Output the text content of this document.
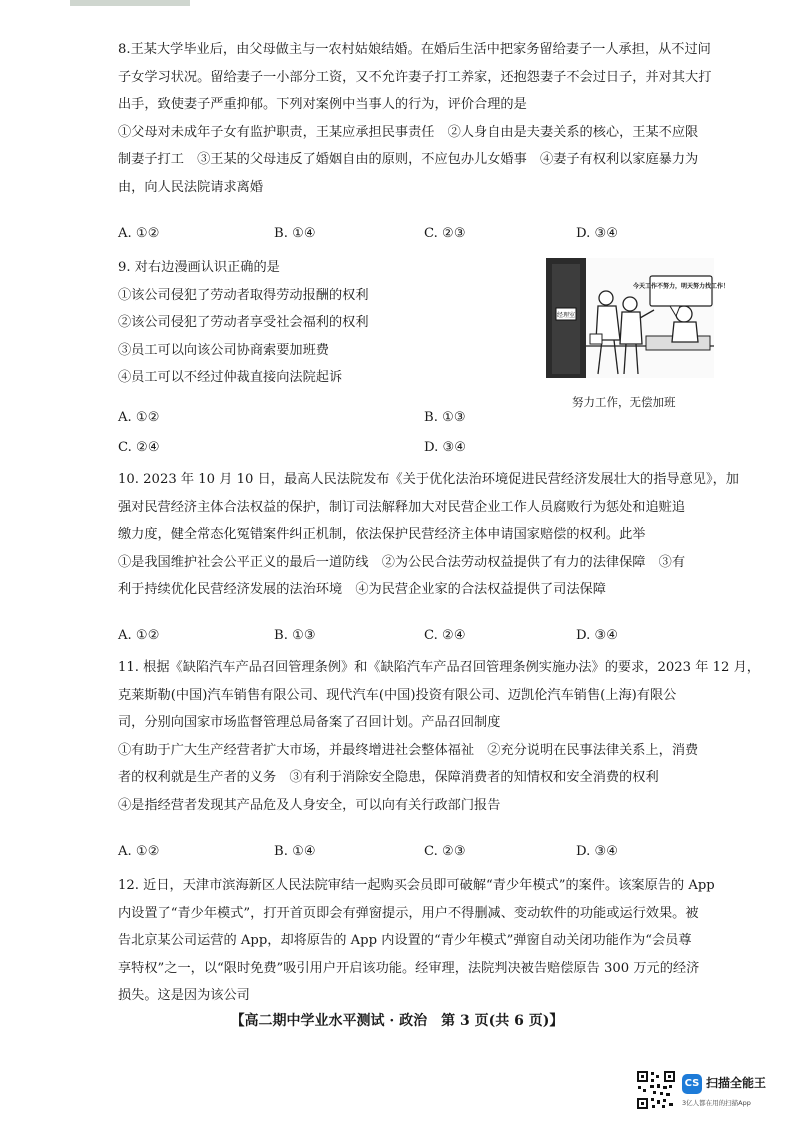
8.王某大学毕业后，由父母做主与一农村姑娘结婚。在婚后生活中把家务留给妻子一人承担，从不过问
子女学习状况。留给妻子一小部分工资，又不允许妻子打工养家，还抱怨妻子不会过日子，并对其大打
出手，致使妻子严重抑郁。下列对案例中当事人的行为，评价合理的是
①父母对未成年子女有监护职责，王某应承担民事责任　②人身自由是夫妻关系的核心，王某不应限
制妻子打工　③王某的父母违反了婚姻自由的原则，不应包办儿女婚事　④妻子有权利以家庭暴力为
由，向人民法院请求离婚
A. ①②	B. ①④	C. ②③	D. ③④
9. 对右边漫画认识正确的是
①该公司侵犯了劳动者取得劳动报酬的权利
②该公司侵犯了劳动者享受社会福利的权利
③员工可以向该公司协商索要加班费
④员工可以不经过仲裁直接向法院起诉
A. ①②	B. ①③
C. ②④	D. ③④
经理室
今天工作不努力，明天努力找工作！
努力工作，无偿加班
10. 2023 年 10 月 10 日，最高人民法院发布《关于优化法治环境促进民营经济发展壮大的指导意见》，加
强对民营经济主体合法权益的保护，制订司法解释加大对民营企业工作人员腐败行为惩处和追赃追
缴力度，健全常态化冤错案件纠正机制，依法保护民营经济主体申请国家赔偿的权利。此举
①是我国维护社会公平正义的最后一道防线　②为公民合法劳动权益提供了有力的法律保障　③有
利于持续优化民营经济发展的法治环境　④为民营企业家的合法权益提供了司法保障
A. ①②	B. ①③	C. ②④	D. ③④
11. 根据《缺陷汽车产品召回管理条例》和《缺陷汽车产品召回管理条例实施办法》的要求，2023 年 12 月，
克莱斯勒(中国)汽车销售有限公司、现代汽车(中国)投资有限公司、迈凯伦汽车销售(上海)有限公
司，分别向国家市场监督管理总局备案了召回计划。产品召回制度
①有助于广大生产经营者扩大市场，并最终增进社会整体福祉　②充分说明在民事法律关系上，消费
者的权利就是生产者的义务　③有利于消除安全隐患，保障消费者的知情权和安全消费的权利
④是指经营者发现其产品危及人身安全，可以向有关行政部门报告
A. ①②	B. ①④	C. ②③	D. ③④
12. 近日，天津市滨海新区人民法院审结一起购买会员即可破解“青少年模式”的案件。该案原告的 App
内设置了“青少年模式”，打开首页即会有弹窗提示，用户不得删减、变动软件的功能或运行效果。被
告北京某公司运营的 App，却将原告的 App 内设置的“青少年模式”弹窗自动关闭功能作为“会员尊
享特权”之一，以“限时免费”吸引用户开启该功能。经审理，法院判决被告赔偿原告 300 万元的经济
损失。这是因为该公司
【高二期中学业水平测试 · 政治　第 3 页(共 6 页)】
CS 扫描全能王
3亿人都在用的扫描App
